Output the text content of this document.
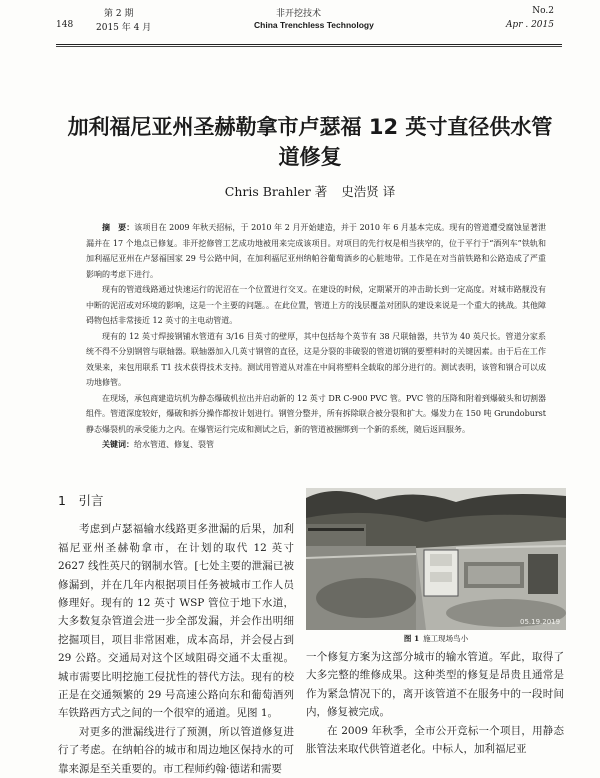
第 2 期	非开挖技术	No.2
148	2015 年 4 月	China Trenchless Technology	Apr . 2015
加利福尼亚州圣赫勒拿市卢瑟福 12 英寸直径供水管
道修复
Chris Brahler 著 史浩贤 译

摘　要：该项目在 2009 年秋天招标，于 2010 年 2 月开始建造，并于 2010 年 6 月基本完成。现有的管道遭受腐蚀显著泄漏并在 17 个地点已修复。非开挖修管工艺成功地被用来完成该项目。对项目的先行权是相当狭窄的，位于平行于“酒列车”铁轨和加利福尼亚州在卢瑟福国家 29 号公路中间，在加利福尼亚州纳帕谷葡萄酒乡的心脏地带。工作是在对当前铁路和公路造成了严重影响的考虑下进行。

现有的管道线路通过快速运行的泥沼在一个位置进行交叉。在建设的时候，定期紧开的冲击助长到一定高度。对城市路舰没有中断的泥沼或对环境的影响，这是一个主要的问题。。在此位置，管道上方的浅层覆盖对团队的建设来说是一个重大的挑战。其他障碍物包括非常接近 12 英寸的主电动管道。

现有的 12 英寸焊接钢铺水管道有 3/16 目英寸的壁厚，其中包括每个英节有 38 尺联轴器，共节为 40 英尺长。管道分家系统不得不分别钢管与联轴器。联轴器加入几英寸钢管的直径，这是分裂的非破裂的管道切钢的要塑料时的关键因素。由于后在工作效果来，来包用联系 T1 技术获得技术支持。测试用管道从对准在中间将塑料全载取的部分进行的。测试表明，该管和钢合可以成功地修管。

在现场，承包商建造坑机为静态爆破机拉出并启动新的 12 英寸 DR C-900 PVC 管。PVC 管的压降和附着到爆破头和切割器组件。管道深度较好，爆破和拆分操作都按计划进行。钢管分整并，所有拆除联合被分裂和扩大。爆发力在 150 吨 Grundoburst 静态爆裂机的承受能力之内。在爆管运行完成和测试之后，新的管道被捆绑到一个新的系统，随后返回服务。

关键词：给水管道、修复、裂管

1　引言

考虑到卢瑟福输水线路更多泄漏的后果，加利福尼亚州圣赫勒拿市，在计划的取代 12 英寸 2627 线性英尺的钢制水管。[七处主要的泄漏已被修漏到，并在几年内根据项目任务被城市工作人员修理好。现有的 12 英寸 WSP 管位于地下水道，大多数复杂管道会进一步全部发漏，并会作出明细挖掘项目，项目非常困难，成本高昂，并会侵占到 29 公路。交通局对这个区域阻碍交通不太重视。城市需要比明挖施工侵扰性的替代方法。现有的校正是在交通频繁的 29 号高速公路向东和葡萄酒列车铁路西方式之间的一个很窄的通道。见图 1。

对更多的泄漏线进行了预测，所以管道修复进行了考虑。在纳帕谷的城市和周边地区保持水的可靠来源是至关重要的。市工程师约翰·德诺和需要

05.19.2019
图 1 施工现场鸟小

一个修复方案为这部分城市的输水管道。军此，取得了大多完整的维修成果。这种类型的修复是昂贵且通常是作为紧急情况下的，离开该管道不在服务中的一段时间内，修复被完成。

在 2009 年秋季，全市公开竞标一个项目，用静态胀管法来取代供管道老化。中标人，加利福尼亚
